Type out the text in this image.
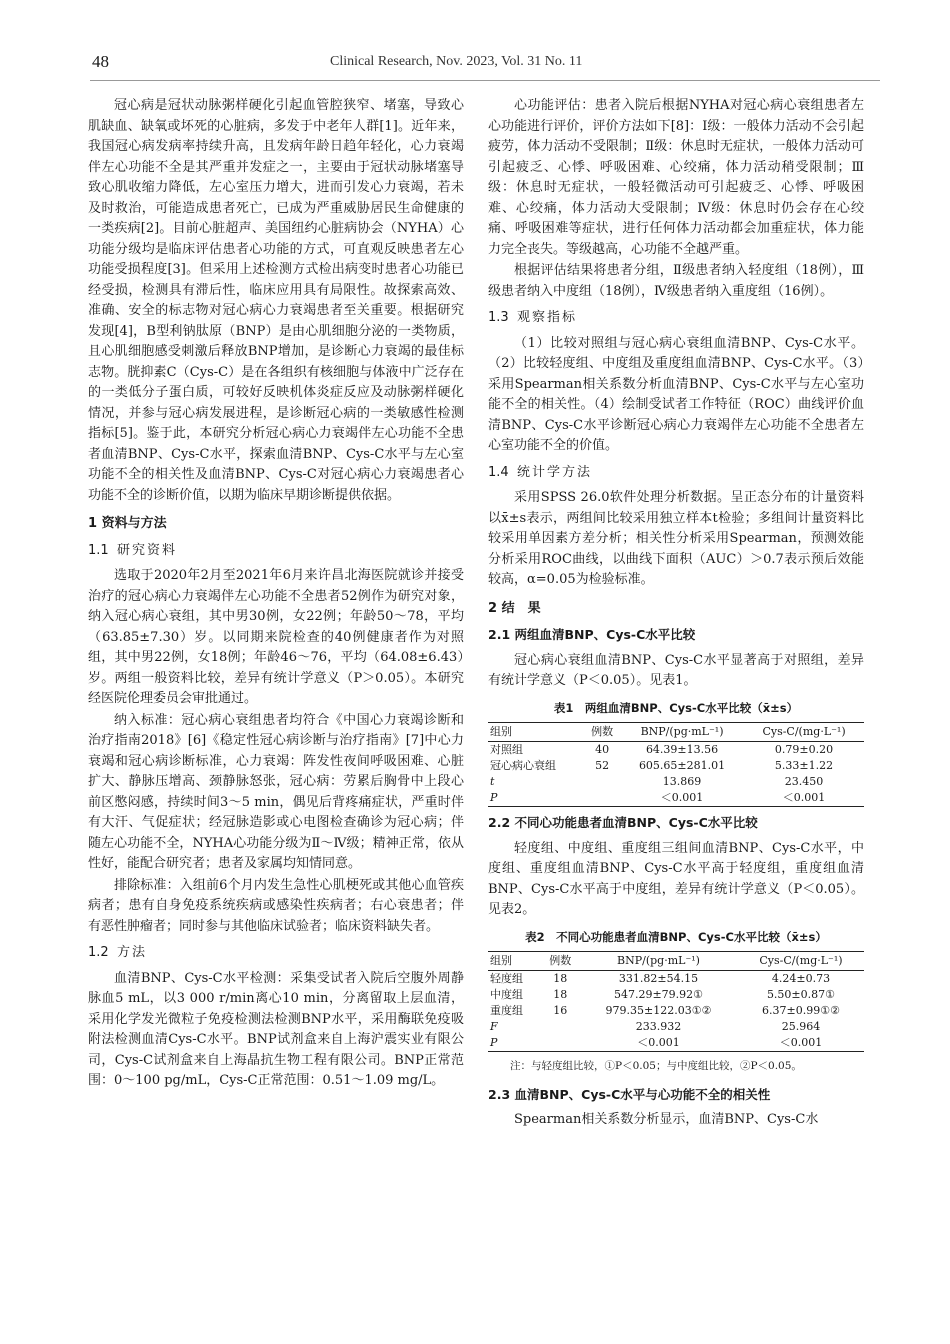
48	Clinical Research, Nov. 2023, Vol. 31 No. 11

冠心病是冠状动脉粥样硬化引起血管腔狭窄、堵塞，导致心肌缺血、缺氧或坏死的心脏病，多发于中老年人群[1]。近年来，我国冠心病发病率持续升高，且发病年龄日趋年轻化，心力衰竭伴左心功能不全是其严重并发症之一，主要由于冠状动脉堵塞导致心肌收缩力降低，左心室压力增大，进而引发心力衰竭，若未及时救治，可能造成患者死亡，已成为严重威胁居民生命健康的一类疾病[2]。目前心脏超声、美国纽约心脏病协会（NYHA）心功能分级均是临床评估患者心功能的方式，可直观反映患者左心功能受损程度[3]。但采用上述检测方式检出病变时患者心功能已经受损，检测具有滞后性，临床应用具有局限性。故探索高效、准确、安全的标志物对冠心病心力衰竭患者至关重要。根据研究发现[4]，B型利钠肽原（BNP）是由心肌细胞分泌的一类物质，且心肌细胞感受刺激后释放BNP增加，是诊断心力衰竭的最佳标志物。胱抑素C（Cys-C）是在各组织有核细胞与体液中广泛存在的一类低分子蛋白质，可较好反映机体炎症反应及动脉粥样硬化情况，并参与冠心病发展进程，是诊断冠心病的一类敏感性检测指标[5]。鉴于此，本研究分析冠心病心力衰竭伴左心功能不全患者血清BNP、Cys-C水平，探索血清BNP、Cys-C水平与左心室功能不全的相关性及血清BNP、Cys-C对冠心病心力衰竭患者心功能不全的诊断价值，以期为临床早期诊断提供依据。

1 资料与方法
1.1 研究资料

选取于2020年2月至2021年6月来许昌北海医院就诊并接受治疗的冠心病心力衰竭伴左心功能不全患者52例作为研究对象，纳入冠心病心衰组，其中男30例，女22例；年龄50～78，平均（63.85±7.30）岁。以同期来院检查的40例健康者作为对照组，其中男22例，女18例；年龄46～76，平均（64.08±6.43）岁。两组一般资料比较，差异有统计学意义（P＞0.05）。本研究经医院伦理委员会审批通过。

纳入标准：冠心病心衰组患者均符合《中国心力衰竭诊断和治疗指南2018》[6]《稳定性冠心病诊断与治疗指南》[7]中心力衰竭和冠心病诊断标准，心力衰竭：阵发性夜间呼吸困难、心脏扩大、静脉压增高、颈静脉怒张，冠心病：劳累后胸骨中上段心前区憋闷感，持续时间3～5 min，偶见后背疼痛症状，严重时伴有大汗、气促症状；经冠脉造影或心电图检查确诊为冠心病；伴随左心功能不全，NYHA心功能分级为Ⅱ～Ⅳ级；精神正常，依从性好，能配合研究者；患者及家属均知情同意。

排除标准：入组前6个月内发生急性心肌梗死或其他心血管疾病者；患有自身免疫系统疾病或感染性疾病者；右心衰患者；伴有恶性肿瘤者；同时参与其他临床试验者；临床资料缺失者。

1.2 方法

血清BNP、Cys-C水平检测：采集受试者入院后空腹外周静脉血5 mL，以3 000 r/min离心10 min，分离留取上层血清，采用化学发光微粒子免疫检测法检测BNP水平，采用酶联免疫吸附法检测血清Cys-C水平。BNP试剂盒来自上海沪震实业有限公司，Cys-C试剂盒来自上海晶抗生物工程有限公司。BNP正常范围：0～100 pg/mL，Cys-C正常范围：0.51～1.09 mg/L。

心功能评估：患者入院后根据NYHA对冠心病心衰组患者左心功能进行评价，评价方法如下[8]：Ⅰ级：一般体力活动不会引起疲劳，体力活动不受限制；Ⅱ级：休息时无症状，一般体力活动可引起疲乏、心悸、呼吸困难、心绞痛，体力活动稍受限制；Ⅲ级：休息时无症状，一般轻微活动可引起疲乏、心悸、呼吸困难、心绞痛，体力活动大受限制；Ⅳ级：休息时仍会存在心绞痛、呼吸困难等症状，进行任何体力活动都会加重症状，体力能力完全丧失。等级越高，心功能不全越严重。

根据评估结果将患者分组，Ⅱ级患者纳入轻度组（18例），Ⅲ级患者纳入中度组（18例），Ⅳ级患者纳入重度组（16例）。

1.3 观察指标

（1）比较对照组与冠心病心衰组血清BNP、Cys-C水平。（2）比较轻度组、中度组及重度组血清BNP、Cys-C水平。（3）采用Spearman相关系数分析血清BNP、Cys-C水平与左心室功能不全的相关性。（4）绘制受试者工作特征（ROC）曲线评价血清BNP、Cys-C水平诊断冠心病心力衰竭伴左心功能不全患者左心室功能不全的价值。

1.4 统计学方法

采用SPSS 26.0软件处理分析数据。呈正态分布的计量资料以x̄±s表示，两组间比较采用独立样本t检验；多组间计量资料比较采用单因素方差分析；相关性分析采用Spearman，预测效能分析采用ROC曲线，以曲线下面积（AUC）＞0.7表示预后效能较高，α=0.05为检验标准。

2 结　果
2.1 两组血清BNP、Cys-C水平比较

冠心病心衰组血清BNP、Cys-C水平显著高于对照组，差异有统计学意义（P＜0.05）。见表1。

表1　两组血清BNP、Cys-C水平比较（x̄±s）
组别	例数	BNP/(pg·mL⁻¹)	Cys-C/(mg·L⁻¹)
对照组	40	64.39±13.56	0.79±0.20
冠心病心衰组	52	605.65±281.01	5.33±1.22
t		13.869	23.450
P		＜0.001	＜0.001
2.2 不同心功能患者血清BNP、Cys-C水平比较

轻度组、中度组、重度组三组间血清BNP、Cys-C水平，中度组、重度组血清BNP、Cys-C水平高于轻度组，重度组血清BNP、Cys-C水平高于中度组，差异有统计学意义（P＜0.05）。见表2。

表2　不同心功能患者血清BNP、Cys-C水平比较（x̄±s）
组别	例数	BNP/(pg·mL⁻¹)	Cys-C/(mg·L⁻¹)
轻度组	18	331.82±54.15	4.24±0.73
中度组	18	547.29±79.92①	5.50±0.87①
重度组	16	979.35±122.03①②	6.37±0.99①②
F		233.932	25.964
P		＜0.001	＜0.001
注：与轻度组比较，①P＜0.05；与中度组比较，②P＜0.05。
2.3 血清BNP、Cys-C水平与心功能不全的相关性

Spearman相关系数分析显示，血清BNP、Cys-C水
